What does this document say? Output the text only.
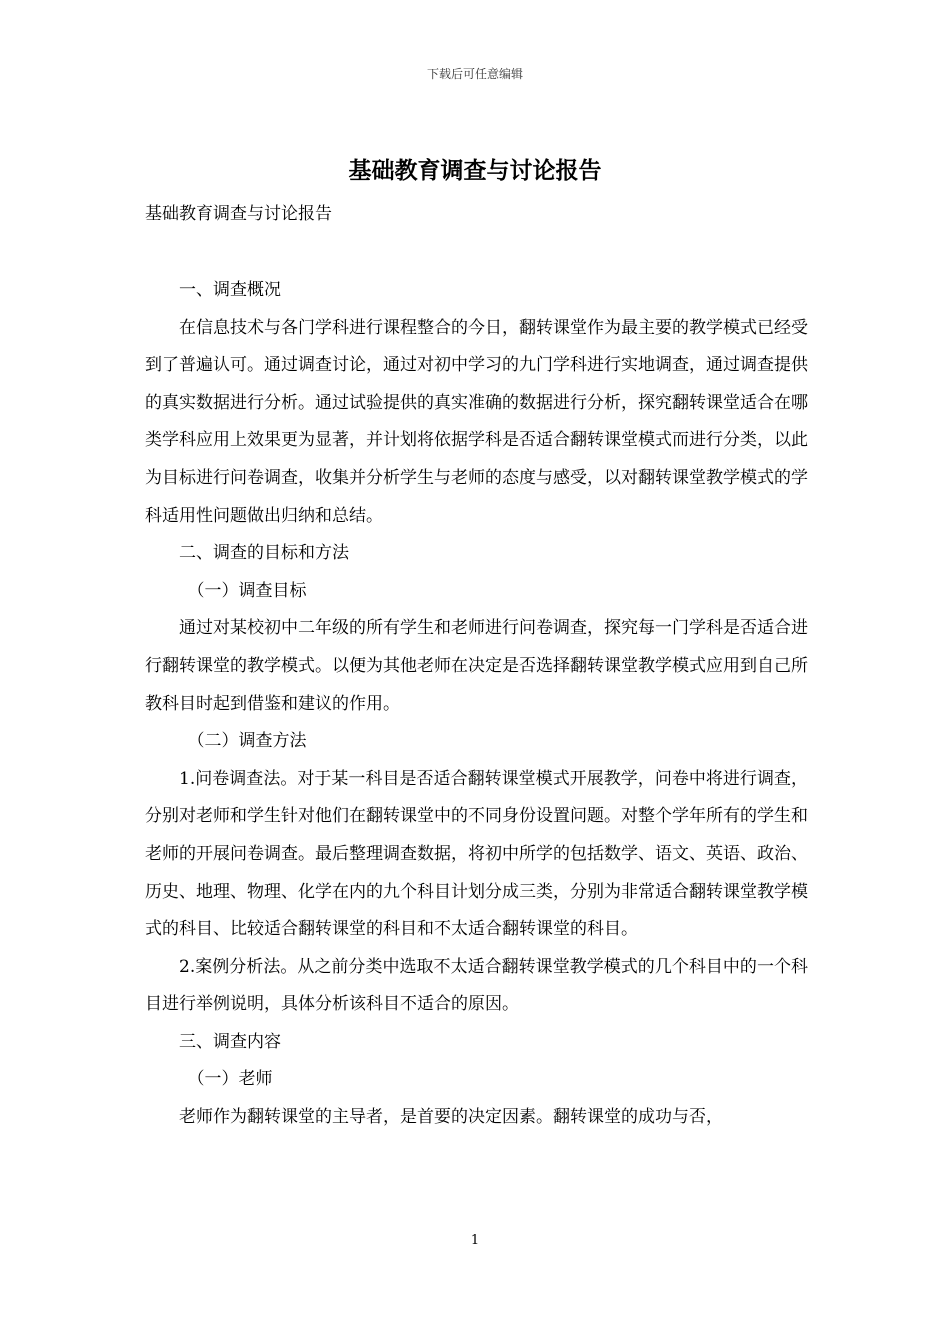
下载后可任意编辑
基础教育调查与讨论报告
基础教育调查与讨论报告

一、调查概况

在信息技术与各门学科进行课程整合的今日，翻转课堂作为最主要的教学模式已经受到了普遍认可。通过调查讨论，通过对初中学习的九门学科进行实地调查，通过调查提供的真实数据进行分析。通过试验提供的真实准确的数据进行分析，探究翻转课堂适合在哪类学科应用上效果更为显著，并计划将依据学科是否适合翻转课堂模式而进行分类，以此为目标进行问卷调查，收集并分析学生与老师的态度与感受，以对翻转课堂教学模式的学科适用性问题做出归纳和总结。

二、调查的目标和方法

（一）调查目标

通过对某校初中二年级的所有学生和老师进行问卷调查，探究每一门学科是否适合进行翻转课堂的教学模式。以便为其他老师在决定是否选择翻转课堂教学模式应用到自己所教科目时起到借鉴和建议的作用。

（二）调查方法

1.问卷调查法。对于某一科目是否适合翻转课堂模式开展教学，问卷中将进行调查，分别对老师和学生针对他们在翻转课堂中的不同身份设置问题。对整个学年所有的学生和老师的开展问卷调查。最后整理调查数据，将初中所学的包括数学、语文、英语、政治、历史、地理、物理、化学在内的九个科目计划分成三类，分别为非常适合翻转课堂教学模式的科目、比较适合翻转课堂的科目和不太适合翻转课堂的科目。

2.案例分析法。从之前分类中选取不太适合翻转课堂教学模式的几个科目中的一个科目进行举例说明，具体分析该科目不适合的原因。

三、调查内容

（一）老师

老师作为翻转课堂的主导者，是首要的决定因素。翻转课堂的成功与否，

1
